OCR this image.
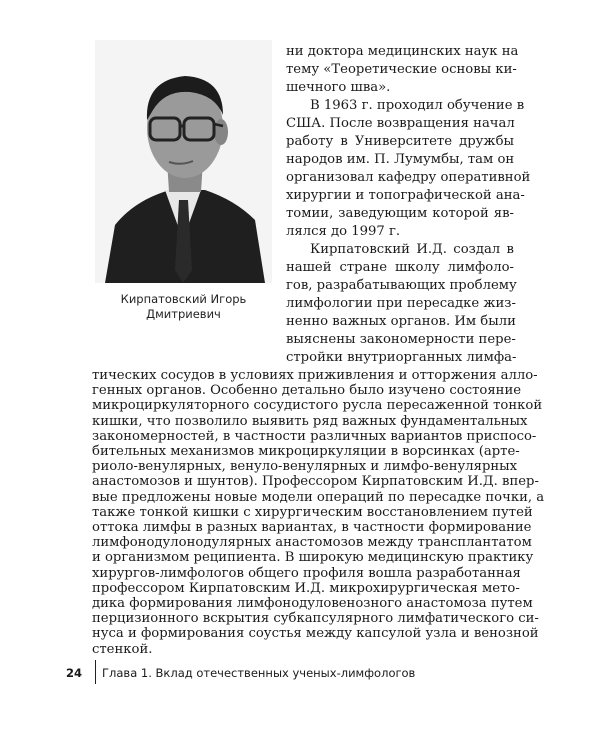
Кирпатовский Игорь
Дмитриевич
ни доктора медицинских наук на
тему «Теоретические основы ки-
шечного шва».
В 1963 г. проходил обучение в
США. После возвращения начал
работу в Университете дружбы
народов им. П. Лумумбы, там он
организовал кафедру оперативной
хирургии и топографической ана-
томии, заведующим которой яв-
лялся до 1997 г.
Кирпатовский И.Д. создал в
нашей стране школу лимфоло-
гов, разрабатывающих проблему
лимфологии при пересадке жиз-
ненно важных органов. Им были
выяснены закономерности пере-
стройки внутриорганных лимфа-
24 Глава 1. Вклад отечественных ученых-лимфологов
тических сосудов в условиях приживления и отторжения алло-
генных органов. Особенно детально было изучено состояние
микроциркуляторного сосудистого русла пересаженной тонкой
кишки, что позволило выявить ряд важных фундаментальных
закономерностей, в частности различных вариантов приспосо-
бительных механизмов микроциркуляции в ворсинках (арте-
риоло-венулярных, венуло-венулярных и лимфо-венулярных
анастомозов и шунтов). Профессором Кирпатовским И.Д. впер-
вые предложены новые модели операций по пересадке почки, а
также тонкой кишки с хирургическим восстановлением путей
оттока лимфы в разных вариантах, в частности формирование
лимфонодулонодулярных анастомозов между трансплантатом
и организмом реципиента. В широкую медицинскую практику
хирургов-лимфологов общего профиля вошла разработанная
профессором Кирпатовским И.Д. микрохирургическая мето-
дика формирования лимфонодуловенозного анастомоза путем
перцизионного вскрытия субкапсулярного лимфатического си-
нуса и формирования соустья между капсулой узла и венозной
стенкой.
